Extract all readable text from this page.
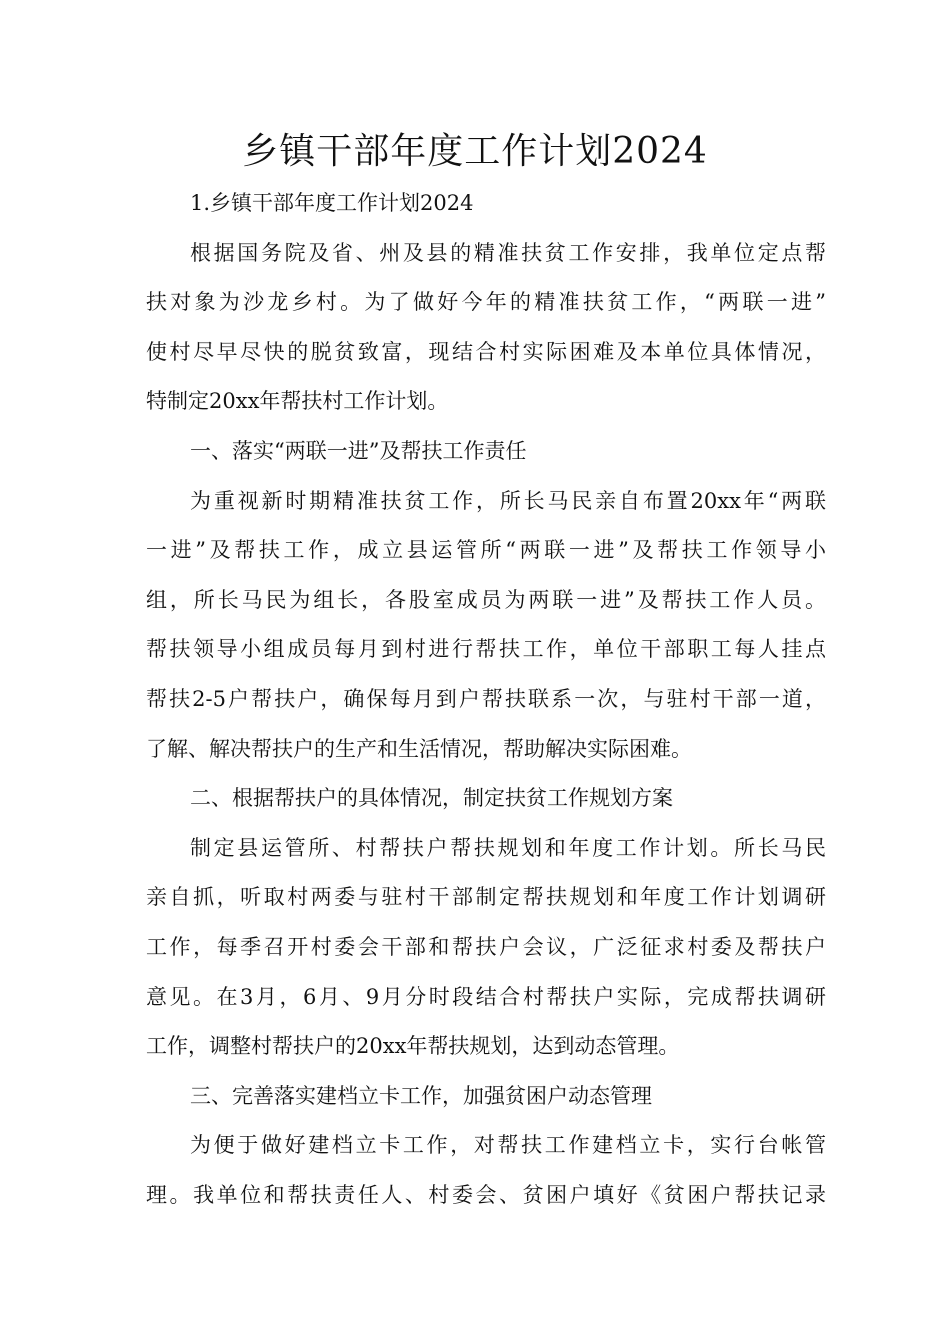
乡镇干部年度工作计划2024
1.乡镇干部年度工作计划2024
根据国务院及省、州及县的精准扶贫工作安排，我单位定点帮
扶对象为沙龙乡村。为了做好今年的精准扶贫工作，“两联一进”
使村尽早尽快的脱贫致富，现结合村实际困难及本单位具体情况，
特制定20xx年帮扶村工作计划。
一、落实“两联一进”及帮扶工作责任
为重视新时期精准扶贫工作，所长马民亲自布置20xx年“两联
一进”及帮扶工作，成立县运管所“两联一进”及帮扶工作领导小
组，所长马民为组长，各股室成员为两联一进”及帮扶工作人员。
帮扶领导小组成员每月到村进行帮扶工作，单位干部职工每人挂点
帮扶2-5户帮扶户，确保每月到户帮扶联系一次，与驻村干部一道，
了解、解决帮扶户的生产和生活情况，帮助解决实际困难。
二、根据帮扶户的具体情况，制定扶贫工作规划方案
制定县运管所、村帮扶户帮扶规划和年度工作计划。所长马民
亲自抓，听取村两委与驻村干部制定帮扶规划和年度工作计划调研
工作，每季召开村委会干部和帮扶户会议，广泛征求村委及帮扶户
意见。在3月，6月、9月分时段结合村帮扶户实际，完成帮扶调研
工作，调整村帮扶户的20xx年帮扶规划，达到动态管理。
三、完善落实建档立卡工作，加强贫困户动态管理
为便于做好建档立卡工作，对帮扶工作建档立卡，实行台帐管
理。我单位和帮扶责任人、村委会、贫困户填好《贫困户帮扶记录
